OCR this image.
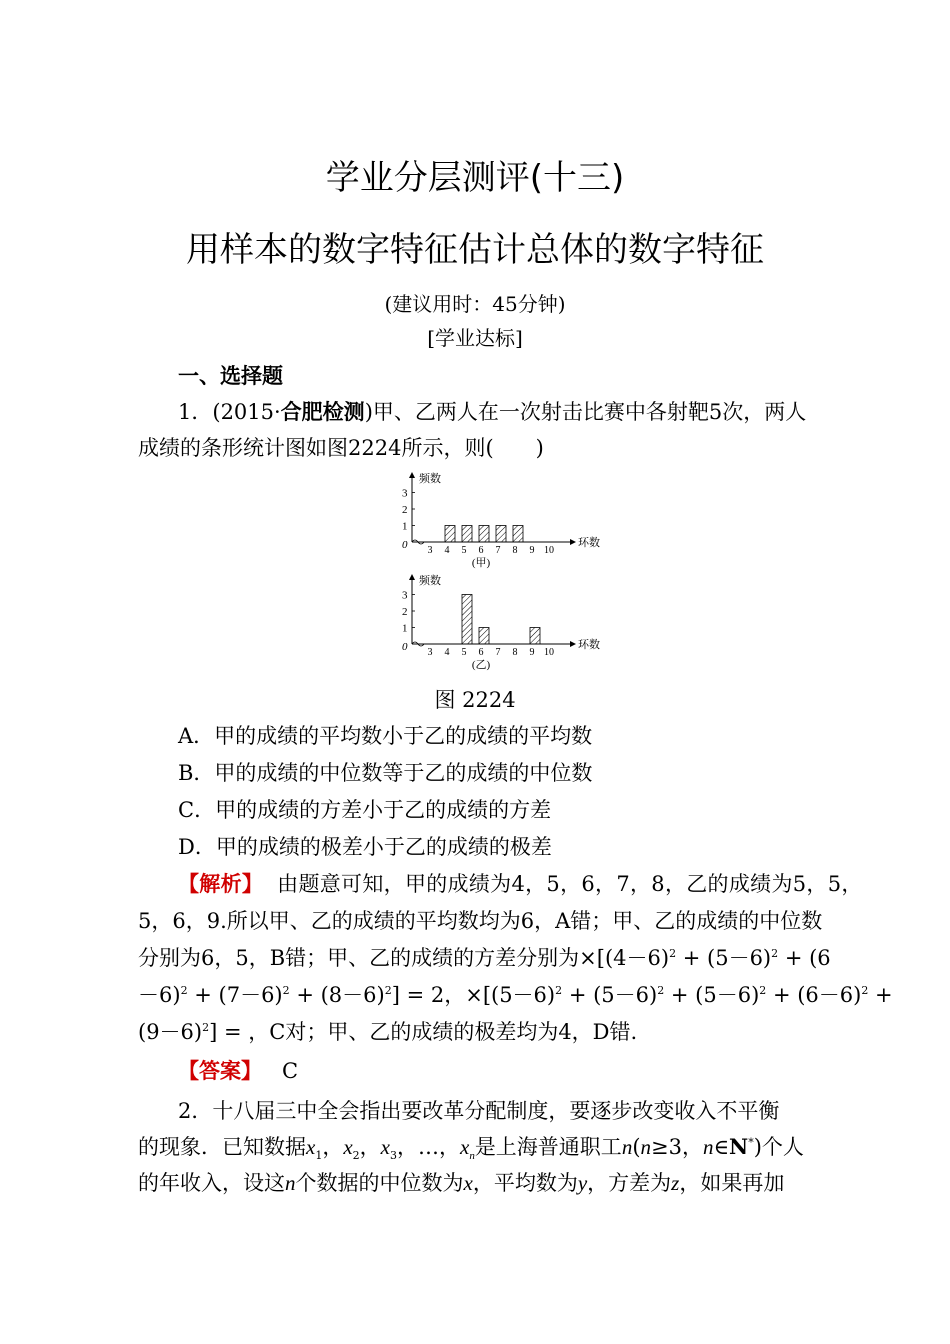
学业分层测评(十三)
用样本的数字特征估计总体的数字特征
(建议用时：45分钟)
[学业达标]
一、选择题
1．(2015·合肥检测)甲、乙两人在一次射击比赛中各射靶5次，两人
成绩的条形统计图如图2224所示，则(　　)
0
频数
环数
1
2
3
3 4 5 6 7 8 9 10
(甲)
0
频数
环数
1
2
3
3 4 5 6 7 8 9 10
(乙)
图 2224
A．甲的成绩的平均数小于乙的成绩的平均数
B．甲的成绩的中位数等于乙的成绩的中位数
C．甲的成绩的方差小于乙的成绩的方差
D．甲的成绩的极差小于乙的成绩的极差
【解析】 由题意可知，甲的成绩为4，5，6，7，8，乙的成绩为5，5，
5，6，9.所以甲、乙的成绩的平均数均为6，A错；甲、乙的成绩的中位数
分别为6，5，B错；甲、乙的成绩的方差分别为$\times[(4-6)^2 + (5-6)^2 + (6$
$-6)^2 + (7-6)^2 + (8-6)^2] = 2$，$\times[(5-6)^2 + (5-6)^2 + (5-6)^2 + (6-6)^2$ +
$(9-6)^2$] = ，C对；甲、乙的成绩的极差均为4，D错.
【答案】 C
2．十八届三中全会指出要改革分配制度，要逐步改变收入不平衡
的现象．已知数据$x_1$，$x_2$，$x_3$，…，$x_n$是上海普通职工n(n≥3，n∈N*)个人
的年收入，设这n个数据的中位数为x，平均数为y，方差为z，如果再加
